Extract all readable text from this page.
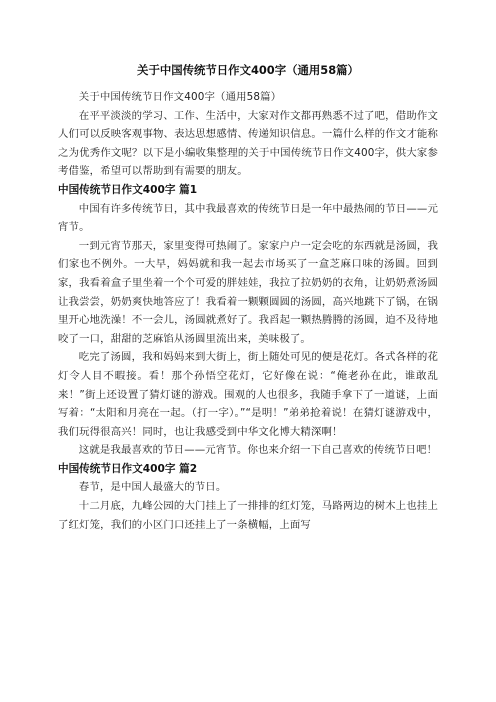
关于中国传统节日作文400字（通用58篇）

关于中国传统节日作文400字（通用58篇）

在平平淡淡的学习、工作、生活中，大家对作文都再熟悉不过了吧，借助作文人们可以反映客观事物、表达思想感情、传递知识信息。一篇什么样的作文才能称之为优秀作文呢？以下是小编收集整理的关于中国传统节日作文400字，供大家参考借鉴，希望可以帮助到有需要的朋友。

中国传统节日作文400字 篇1

中国有许多传统节日，其中我最喜欢的传统节日是一年中最热闹的节日——元宵节。

一到元宵节那天，家里变得可热闹了。家家户户一定会吃的东西就是汤圆，我们家也不例外。一大早，妈妈就和我一起去市场买了一盒芝麻口味的汤圆。回到家，我看着盒子里坐着一个个可爱的胖娃娃，我拉了拉奶奶的衣角，让奶奶煮汤圆让我尝尝，奶奶爽快地答应了！我看着一颗颗圆圆的汤圆，高兴地跳下了锅，在锅里开心地洗澡！不一会儿，汤圆就煮好了。我舀起一颗热腾腾的汤圆，迫不及待地咬了一口，甜甜的芝麻馅从汤圆里流出来，美味极了。

吃完了汤圆，我和妈妈来到大街上，街上随处可见的便是花灯。各式各样的花灯令人目不暇接。看！那个孙悟空花灯，它好像在说：“俺老孙在此，谁敢乱来！”街上还设置了猜灯谜的游戏。围观的人也很多，我随手拿下了一道谜，上面写着：“太阳和月亮在一起。（打一字）。”“是明！”弟弟抢着说！在猜灯谜游戏中，我们玩得很高兴！同时，也让我感受到中华文化博大精深啊！

这就是我最喜欢的节日——元宵节。你也来介绍一下自己喜欢的传统节日吧！

中国传统节日作文400字 篇2

春节，是中国人最盛大的节日。

十二月底，九峰公园的大门挂上了一排排的红灯笼，马路两边的树木上也挂上了红灯笼，我们的小区门口还挂上了一条横幅，上面写
